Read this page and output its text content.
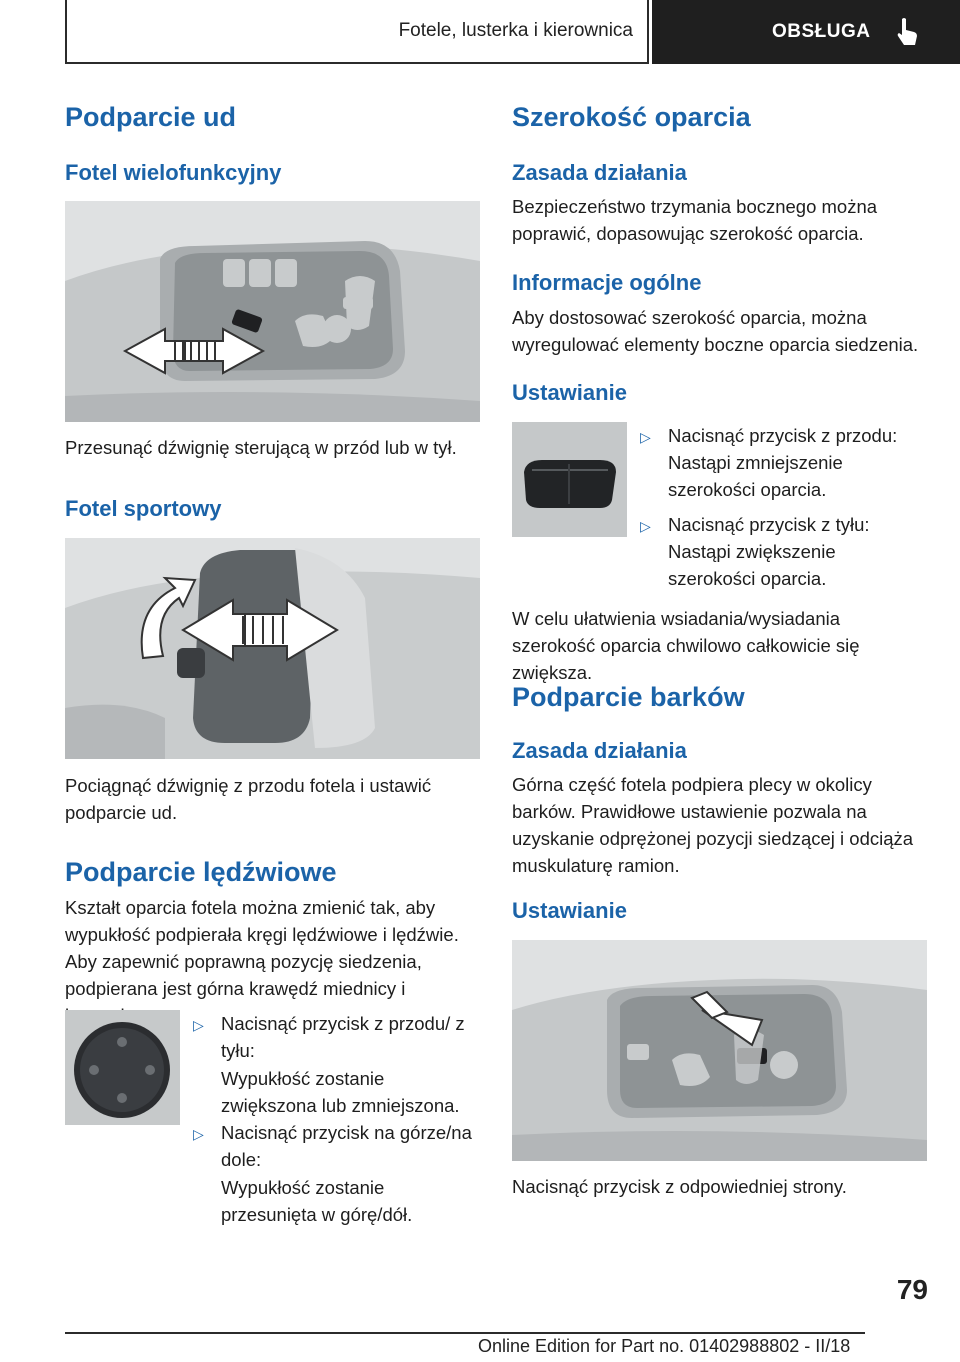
Fotele, lusterka i kierownica	OBSŁUGA
Podparcie ud
Fotel wielofunkcyjny

Przesunąć dźwignię sterującą w przód lub w tył.

Fotel sportowy

Pociągnąć dźwignię z przodu fotela i ustawić podparcie ud.

Podparcie lędźwiowe

Kształt oparcia fotela można zmienić tak, aby wypukłość podpierała kręgi lędźwiowe i lędźwie. Aby zapewnić poprawną pozycję siedzenia, podpierana jest górna krawędź miednicy i

▷ Nacisnąć przycisk z przodu/ z tyłu:
Wypukłość zostanie zwiększona lub zmniejszona.
▷ Nacisnąć przycisk na górze/na dole:
Wypukłość zostanie przesunięta w górę/dół.
Szerokość oparcia
Zasada działania

Bezpieczeństwo trzymania bocznego można poprawić, dopasowując szerokość oparcia.

Informacje ogólne

Aby dostosować szerokość oparcia, można wyregulować elementy boczne oparcia siedzenia.

Ustawianie
▷ Nacisnąć przycisk z przodu:
Nastąpi zmniejszenie szerokości oparcia.
▷ Nacisnąć przycisk z tyłu:
Nastąpi zwiększenie szerokości oparcia.

W celu ułatwienia wsiadania/wysiadania szerokość oparcia chwilowo całkowicie się zwiększa.

Podparcie barków
Zasada działania

Górna część fotela podpiera plecy w okolicy barków. Prawidłowe ustawienie pozwala na uzyskanie odprężonej pozycji siedzącej i odciąża muskulaturę ramion.

Ustawianie

Nacisnąć przycisk z odpowiedniej strony.

79
Online Edition for Part no. 01402988802 - II/18
